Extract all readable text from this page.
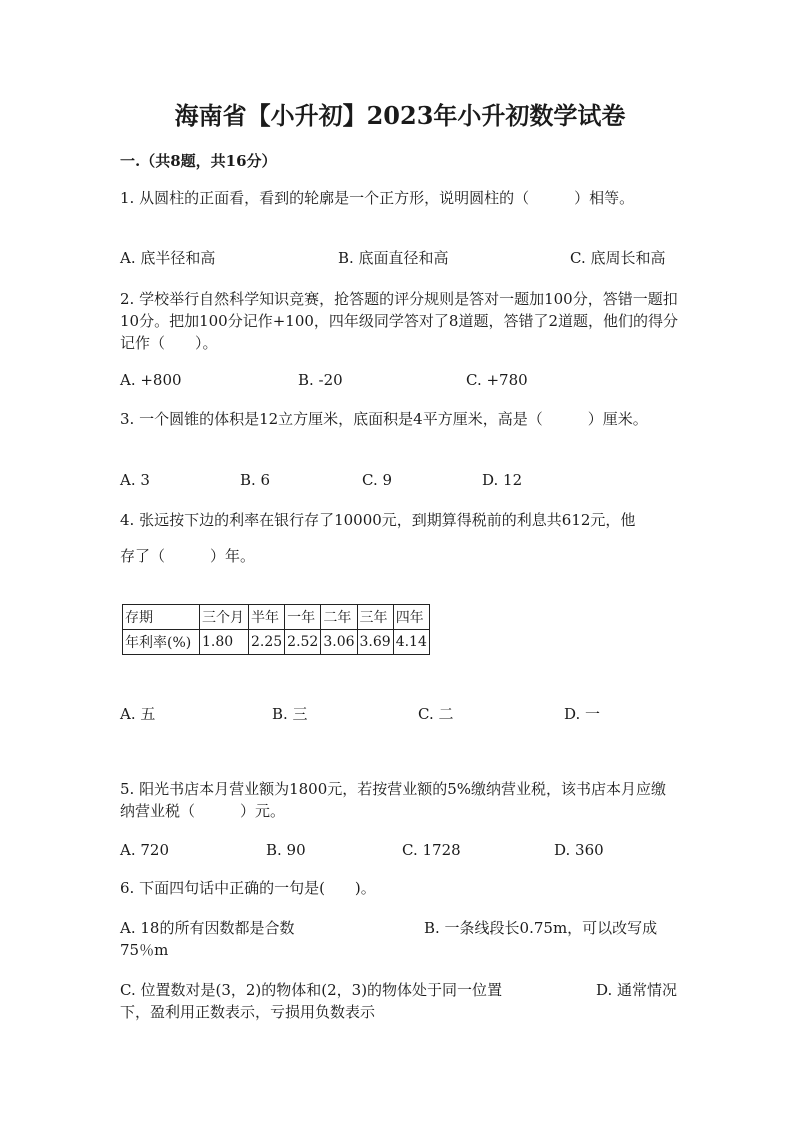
海南省【小升初】2023年小升初数学试卷
一.（共8题，共16分）
1. 从圆柱的正面看，看到的轮廓是一个正方形，说明圆柱的（　　　）相等。
A. 底半径和高	B. 底面直径和高	C. 底周长和高
2. 学校举行自然科学知识竞赛，抢答题的评分规则是答对一题加100分，答错一题扣10分。把加100分记作+100，四年级同学答对了8道题，答错了2道题，他们的得分记作（　　）。
A. +800	B. -20	C. +780
3. 一个圆锥的体积是12立方厘米，底面积是4平方厘米，高是（　　　）厘米。
A. 3	B. 6	C. 9	D. 12
4. 张远按下边的利率在银行存了10000元，到期算得税前的利息共612元，他
存了（　　　）年。
存期	三个月	半年	一年	二年	三年	四年
年利率(%)	1.80	2.25	2.52	3.06	3.69	4.14
A. 五	B. 三	C. 二	D. 一
5. 阳光书店本月营业额为1800元，若按营业额的5%缴纳营业税，该书店本月应缴纳营业税（　　　）元。
A. 720	B. 90	C. 1728	D. 360
6. 下面四句话中正确的一句是(　　)。
A. 18的所有因数都是合数	B. 一条线段长0.75m，可以改写成
75％m
C. 位置数对是(3，2)的物体和(2，3)的物体处于同一位置	D. 通常情况
下，盈利用正数表示，亏损用负数表示
